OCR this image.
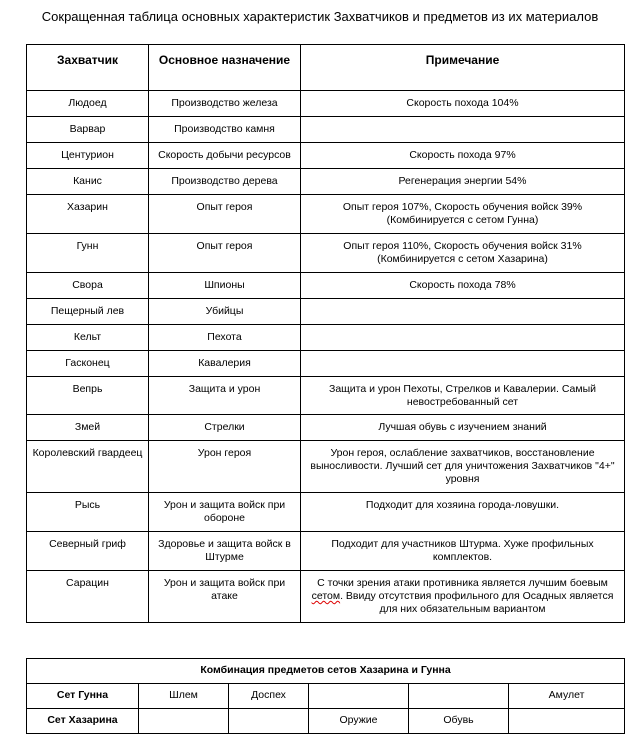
Сокращенная таблица основных характеристик Захватчиков и предметов из их материалов
Захватчик	Основное назначение	Примечание
Людоед	Производство железа	Скорость похода 104%
Варвар	Производство камня	
Центурион	Скорость добычи ресурсов	Скорость похода 97%
Канис	Производство дерева	Регенерация энергии 54%
Хазарин	Опыт героя	Опыт героя 107%, Скорость обучения войск 39% (Комбинируется с сетом Гунна)
Гунн	Опыт героя	Опыт героя 110%, Скорость обучения войск 31% (Комбинируется с сетом Хазарина)
Свора	Шпионы	Скорость похода 78%
Пещерный лев	Убийцы	
Кельт	Пехота	
Гасконец	Кавалерия	
Вепрь	Защита и урон	Защита и урон Пехоты, Стрелков и Кавалерии. Самый невостребованный сет
Змей	Стрелки	Лучшая обувь с изучением знаний
Королевский гвардеец	Урон героя	Урон героя, ослабление захватчиков, восстановление выносливости. Лучший сет для уничтожения Захватчиков "4+" уровня
Рысь	Урон и защита войск при обороне	Подходит для хозяина города-ловушки.
Северный гриф	Здоровье и защита войск в Штурме	Подходит для участников Штурма. Хуже профильных комплектов.
Сарацин	Урон и защита войск при атаке	С точки зрения атаки противника является лучшим боевым сетом. Ввиду отсутствия профильного для Осадных является для них обязательным вариантом
Комбинация предметов сетов Хазарина и Гунна					
Сет Гунна	Шлем	Доспех			Амулет
Сет Хазарина			Оружие	Обувь	
